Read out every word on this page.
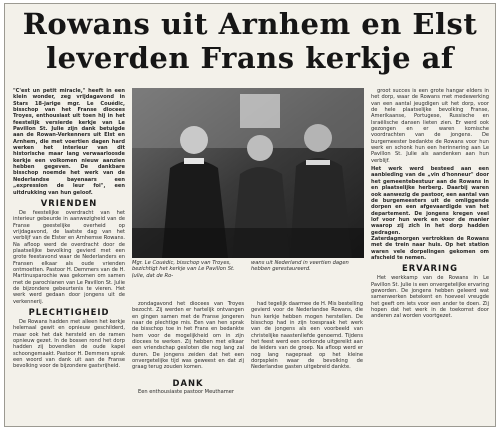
Rowans uit Arnhem en Elst
leverden Frans kerkje af

"C'est un petit miracle," heeft in een klein wonder, zeg vrijdagavond in Stars 18-jarige mgr. Le Couédic, bisschop van het Franse diocees Troyes, enthousiast uit toen hij in het feestelijk versierde kerkje van Le Pavillon St. Julie zijn dank betuigde aan de Rowan-Verkenners uit Elst en Arnhem, die met voertien dagen hard werken het interieur van dit historische maar lang verwaarloosde kerkje een volkomen nieuw aanzien hebben gegeven. De dankbare bisschop noemde het werk van de Nederlandse bayenaars een „expression de leur foi", een uitdrukking van hun geloof.

VRIENDEN

De feestelijke overdracht van het interieur gebeurde in aanwezigheid van de Franse geestelijke overheid op vrijdagavond, de laatste dag van het verblijf van de Elster en Arnhemse Rowans. Na afloop werd de overdracht door de plaatselijke bevolking gevierd met een grote feestavond waar de Nederlanders en Fransen elkaar als oude vrienden ontmoetten. Pastoor H. Demmers van de H. Martinusparochie was gekomen om samen met de parochianen van Le Pavillon St. Julie de bijzondere gebeurtenis te vieren. Het werk werd gedaan door jongens uit de verkennerij.

PLECHTIGHEID

De Rowans hadden met alleen het kerkje helemaal gewit en opnieuw geschilderd, maar ook het dak hersteld en de ramen opnieuw gezet. In de bossen rond het dorp hadden zij bovendien de oude kapel schoongemaakt. Pastoor H. Demmers sprak een woord van dank uit aan de Franse bevolking voor de bijzondere gastvrijheid.

Mgr. Le Couédic, bisschop van Troyes, bezichtigt het kerkje van Le Pavillon St. Julie, dat de Ro-
wans uit Nederland in veertien dagen hebben gerestaureerd.

zondagavond het diocees van Troyes bezocht. Zij werden er hartelijk ontvangen en gingen samen met de Franse jongeren naar de plechtige mis. Een van hen sprak de bisschop toe in het Frans en bedankte hem voor de mogelijkheid om in zijn diocees te werken. Zij hebben met elkaar een vriendschap gesloten die nog lang zal duren. De jongens zeiden dat het een onvergetelijke tijd was geweest en dat zij graag terug zouden komen.

DANK

Een enthousiaste pastoor Meuthamer

had tegelijk daarmee de H. Mis bestelling gevierd voor de Nederlandse Rowans, die hun kerkje hebben mogen herstellen. De bisschop had in zijn toespraak het werk van de jongens als een voorbeeld van christelijke naastenliefde genoemd. Tijdens het feest werd een oorkonde uitgereikt aan de leiders van de groep. Na afloop werd er nog lang nagepraat op het kleine dorpsplein waar de bevolking de Nederlandse gasten uitgebreid dankte.

groot succes is een grote hangar elders in het dorp, waar de Rowans met medewerking van een aantal jeugdigen uit het dorp, voor de hele plaatselijke bevolking Franse, Amerikaanse, Portugese, Russische en Israëlische dansen lieten zien. Er werd ook gezongen en er waren komische voordrachten van de jongens. De burgemeester bedankte de Rowans voor hun werk en schonk hun een herinnering aan Le Pavillon St. Julie als aandenken aan hun verblijf.

Het werk werd besteed aan een aanbieding van de „vin d'honneur" door het gemeentebestuur aan de Rowans in en plaatselijke herberg. Daarbij waren ook aanwezig de pastoor, een aantal van de burgemeesters uit de omliggende dorpen en een afgevaardigde van het departement. De jongens kregen veel lof voor hun werk en voor de manier waarop zij zich in het dorp hadden gedragen.

Zaterdagmorgen vertrokken de Rowans met de trein naar huis. Op het station waren vele dorpelingen gekomen om afscheid te nemen.

ERVARING

Het werkkamp van de Rowans in Le Pavillon St. Julie is een onvergetelijke ervaring geworden. De jongens hebben geleerd wat samenwerken betekent en hoeveel vreugde het geeft om iets voor een ander te doen. Zij hopen dat het werk in de toekomst door anderen zal worden voortgezet.
